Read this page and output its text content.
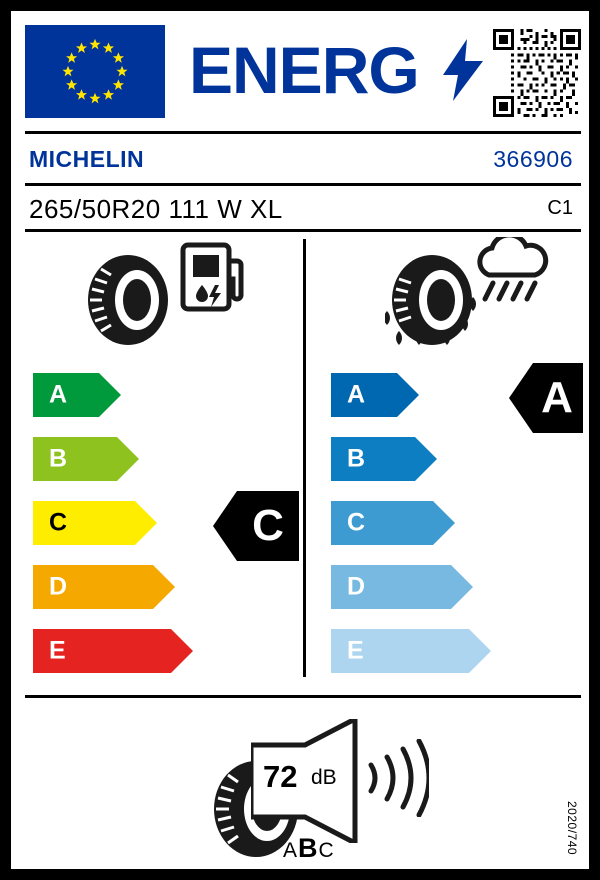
ENERG
MICHELIN	366906
265/50R20 111 W XL	C1
A
B
C
D
E
C
A
B
C
D
E
A
72 dB
ABC	2020/740
